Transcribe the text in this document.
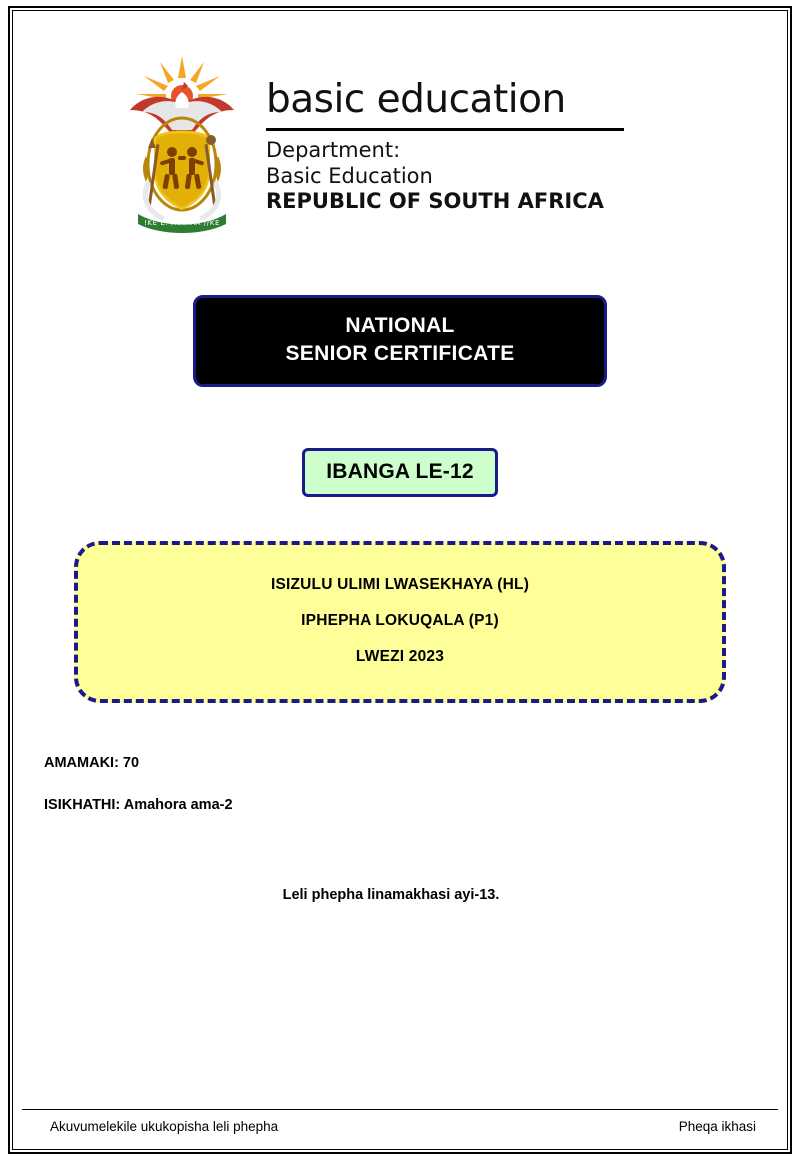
!KE E: /XARRA //KE
basic education
Department:
Basic Education
REPUBLIC OF SOUTH AFRICA
NATIONAL
SENIOR CERTIFICATE
IBANGA LE-12

ISIZULU ULIMI LWASEKHAYA (HL)

IPHEPHA LOKUQALA (P1)

LWEZI 2023

AMAMAKI: 70
ISIKHATHI: Amahora ama-2
Leli phepha linamakhasi ayi-13.
Akuvumelekile ukukopisha leli phepha	Pheqa ikhasi
